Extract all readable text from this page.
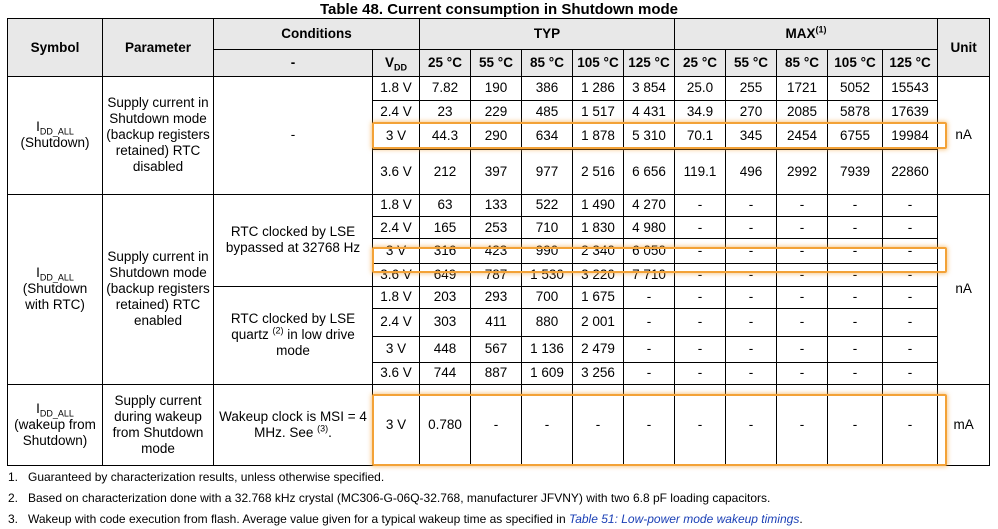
Table 48. Current consumption in Shutdown mode
Symbol	Parameter	Conditions		TYP					MAX$^{(1)}$					Unit
		-	$V_{DD}$	25 °C	55 °C	85 °C	105 °C	125 °C	25 °C	55 °C	85 °C	105 °C	125 °C	
$I_{DD\_ALL}$
(Shutdown)	Supply current in Shutdown mode (backup registers retained) RTC disabled	-	1.8 V	7.82	190	386	1 286	3 854	25.0	255	1721	5052	15543	nA
			2.4 V	23	229	485	1 517	4 431	34.9	270	2085	5878	17639	
			3 V	44.3	290	634	1 878	5 310	70.1	345	2454	6755	19984	
			3.6 V	212	397	977	2 516	6 656	119.1	496	2992	7939	22860	
$I_{DD\_ALL}$
(Shutdown with RTC)	Supply current in Shutdown mode (backup registers retained) RTC enabled	RTC clocked by LSE bypassed at 32768 Hz	1.8 V	63	133	522	1 490	4 270	-	-	-	-	-	nA
			2.4 V	165	253	710	1 830	4 980	-	-	-	-	-	
			3 V	316	423	990	2 340	6 050	-	-	-	-	-	
			3.6 V	649	787	1 530	3 220	7 710	-	-	-	-	-	
		RTC clocked by LSE quartz $^{(2)}$ in low drive mode	1.8 V	203	293	700	1 675	-	-	-	-	-	-	
			2.4 V	303	411	880	2 001	-	-	-	-	-	-	
			3 V	448	567	1 136	2 479	-	-	-	-	-	-	
			3.6 V	744	887	1 609	3 256	-	-	-	-	-	-	
$I_{DD\_ALL}$
(wakeup from Shutdown)	Supply current during wakeup from Shutdown mode	Wakeup clock is MSI = 4 MHz. See $^{(3)}$.	3 V	0.780	-	-	-	-	-	-	-	-	-	mA
1. Guaranteed by characterization results, unless otherwise specified.
2. Based on characterization done with a 32.768 kHz crystal (MC306-G-06Q-32.768, manufacturer JFVNY) with two 6.8 pF loading capacitors.
3. Wakeup with code execution from flash. Average value given for a typical wakeup time as specified in Table 51: Low-power mode wakeup timings.
